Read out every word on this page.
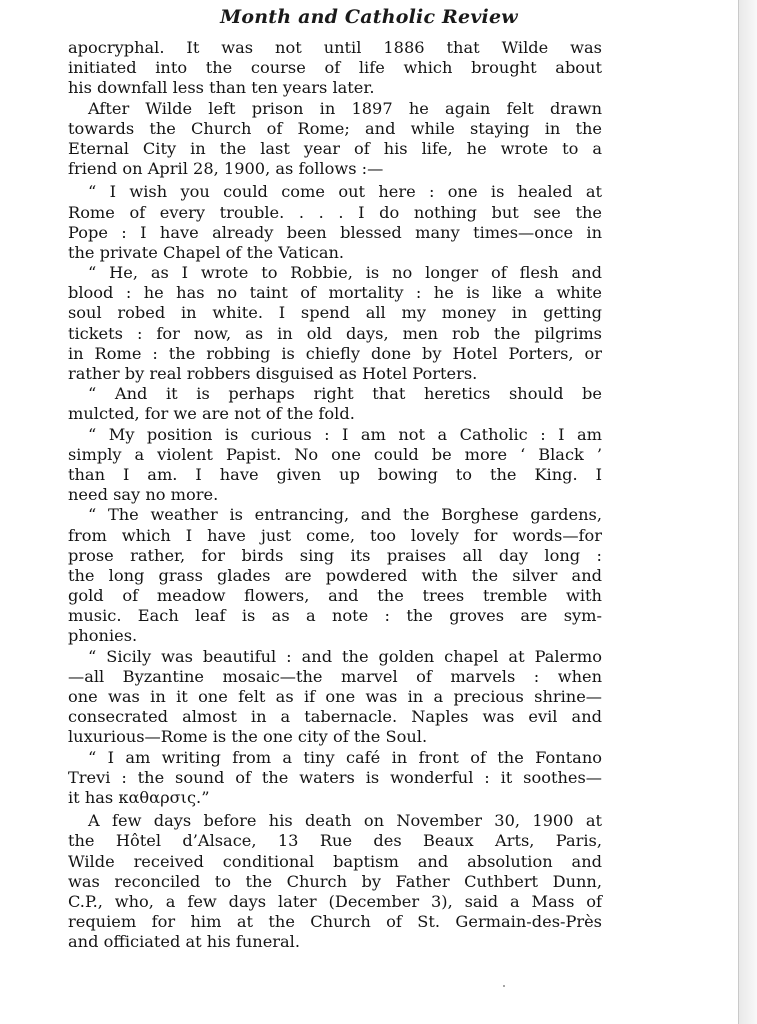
Month and Catholic Review
apocryphal. It was not until 1886 that Wilde was
initiated into the course of life which brought about
his downfall less than ten years later.
After Wilde left prison in 1897 he again felt drawn
towards the Church of Rome; and while staying in the
Eternal City in the last year of his life, he wrote to a
friend on April 28, 1900, as follows :—
“ I wish you could come out here : one is healed at
Rome of every trouble. . . . I do nothing but see the
Pope : I have already been blessed many times—once in
the private Chapel of the Vatican.
“ He, as I wrote to Robbie, is no longer of flesh and
blood : he has no taint of mortality : he is like a white
soul robed in white. I spend all my money in getting
tickets : for now, as in old days, men rob the pilgrims
in Rome : the robbing is chiefly done by Hotel Porters, or
rather by real robbers disguised as Hotel Porters.
“ And it is perhaps right that heretics should be
mulcted, for we are not of the fold.
“ My position is curious : I am not a Catholic : I am
simply a violent Papist. No one could be more ‘ Black ’
than I am. I have given up bowing to the King. I
need say no more.
“ The weather is entrancing, and the Borghese gardens,
from which I have just come, too lovely for words—for
prose rather, for birds sing its praises all day long :
the long grass glades are powdered with the silver and
gold of meadow flowers, and the trees tremble with
music. Each leaf is as a note : the groves are sym-
phonies.
“ Sicily was beautiful : and the golden chapel at Palermo
—all Byzantine mosaic—the marvel of marvels : when
one was in it one felt as if one was in a precious shrine—
consecrated almost in a tabernacle. Naples was evil and
luxurious—Rome is the one city of the Soul.
“ I am writing from a tiny café in front of the Fontano
Trevi : the sound of the waters is wonderful : it soothes—
it has καθαρσις.”
A few days before his death on November 30, 1900 at
the Hôtel d’Alsace, 13 Rue des Beaux Arts, Paris,
Wilde received conditional baptism and absolution and
was reconciled to the Church by Father Cuthbert Dunn,
C.P., who, a few days later (December 3), said a Mass of
requiem for him at the Church of St. Germain-des-Près
and officiated at his funeral.
